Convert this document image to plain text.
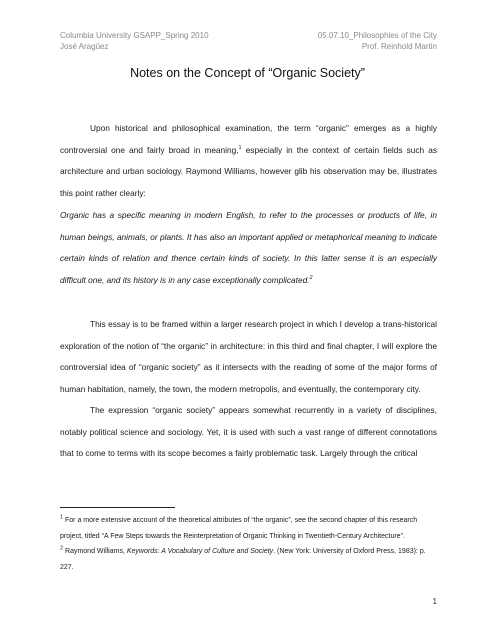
Columbia University GSAPP_Spring 2010
José Aragüez
05.07.10_Philosophies of the City
Prof. Reinhold Martin
Notes on the Concept of “Organic Society”

Upon historical and philosophical examination, the term “organic” emerges as a highly controversial one and fairly broad in meaning,$^1$ especially in the context of certain fields such as architecture and urban sociology. Raymond Williams, however glib his observation may be, illustrates this point rather clearly:

Organic has a specific meaning in modern English, to refer to the processes or products of life, in human beings, animals, or plants. It has also an important applied or metaphorical meaning to indicate certain kinds of relation and thence certain kinds of society. In this latter sense it is an especially difficult one, and its history is in any case exceptionally complicated.$^2$

This essay is to be framed within a larger research project in which I develop a trans-historical exploration of the notion of “the organic” in architecture: in this third and final chapter, I will explore the controversial idea of “organic society” as it intersects with the reading of some of the major forms of human habitation, namely, the town, the modern metropolis, and eventually, the contemporary city.

The expression “organic society” appears somewhat recurrently in a variety of disciplines, notably political science and sociology. Yet, it is used with such a vast range of different connotations that to come to terms with its scope becomes a fairly problematic task. Largely through the critical

$^1$ For a more extensive account of the theoretical attributes of “the organic”, see the second chapter of this research project, titled “A Few Steps towards the Reinterpretation of Organic Thinking in Twentieth-Century Architecture”.

$^2$ Raymond Williams, Keywords: A Vocabulary of Culture and Society. (New York: University of Oxford Press, 1983): p. 227.

1
